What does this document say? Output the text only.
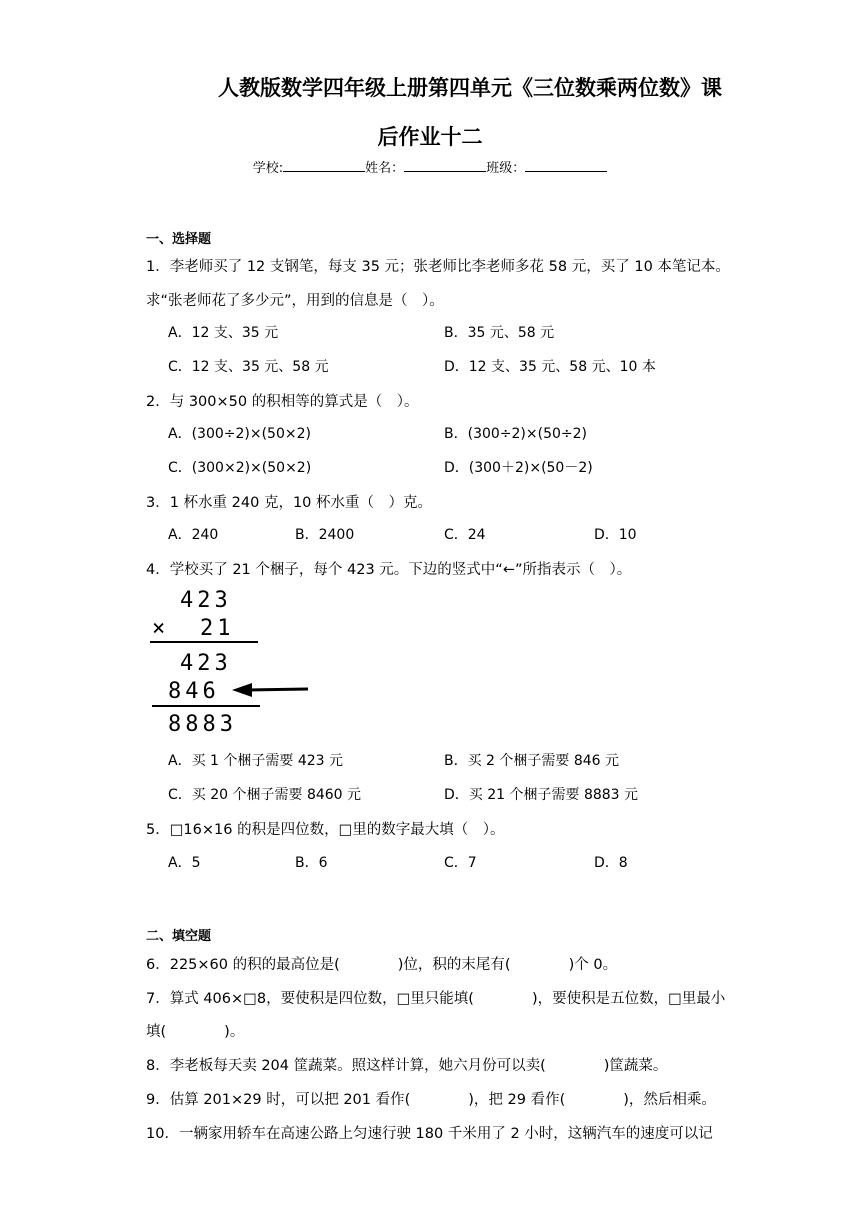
人教版数学四年级上册第四单元《三位数乘两位数》课
后作业十二
学校:	姓名：	班级：
一、选择题
1．李老师买了 12 支钢笔，每支 35 元；张老师比李老师多花 58 元，买了 10 本笔记本。
求“张老师花了多少元”，用到的信息是（　）。
A．12 支、35 元	B．35 元、58 元
C．12 支、35 元、58 元	D．12 支、35 元、58 元、10 本
2．与 300×50 的积相等的算式是（　）。
A．(300÷2)×(50×2)	B．(300÷2)×(50÷2)
C．(300×2)×(50×2)	D．(300＋2)×(50－2)
3．1 杯水重 240 克，10 杯水重（　）克。
A．240	B．2400	C．24	D．10
4．学校买了 21 个梱子，每个 423 元。下边的竖式中“←”所指表示（　）。
423
× 21
423
846
8883
A．买 1 个梱子需要 423 元	B．买 2 个梱子需要 846 元
C．买 20 个梱子需要 8460 元	D．买 21 个梱子需要 8883 元
5．□16×16 的积是四位数，□里的数字最大填（　）。
A．5	B．6	C．7	D．8
二、填空题
6．225×60 的积的最高位是(　　　　)位，积的末尾有(　　　　)个 0。
7．算式 406×□8，要使积是四位数，□里只能填(　　　　)，要使积是五位数，□里最小
填(　　　　)。
8．李老板每天卖 204 筐蔬菜。照这样计算，她六月份可以卖(　　　　)筐蔬菜。
9．估算 201×29 时，可以把 201 看作(　　　　)，把 29 看作(　　　　)，然后相乘。
10．一辆家用轿车在高速公路上匀速行驶 180 千米用了 2 小时，这辆汽车的速度可以记
